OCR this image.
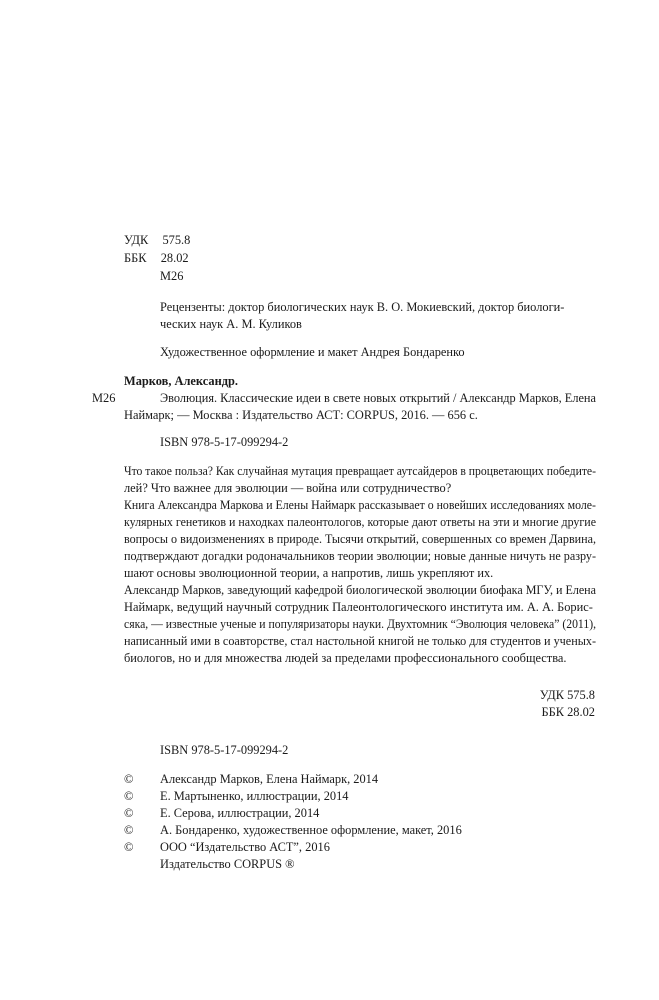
УДК 575.8
ББК 28.02
М26
Рецензенты: доктор биологических наук В. О. Мокиевский, доктор биологи-
ческих наук А. М. Куликов
Художественное оформление и макет Андрея Бондаренко
Марков, Александр.
М26	Эволюция. Классические идеи в свете новых открытий / Александр Марков, Елена
Наймарк; — Москва : Издательство АСТ: CORPUS, 2016. — 656 с.
ISBN 978-5-17-099294-2
Что такое польза? Как случайная мутация превращает аутсайдеров в процветающих победите-
лей? Что важнее для эволюции — война или сотрудничество?
Книга Александра Маркова и Елены Наймарк рассказывает о новейших исследованиях моле-
кулярных генетиков и находках палеонтологов, которые дают ответы на эти и многие другие
вопросы о видоизменениях в природе. Тысячи открытий, совершенных со времен Дарвина,
подтверждают догадки родоначальников теории эволюции; новые данные ничуть не разру-
шают основы эволюционной теории, а напротив, лишь укрепляют их.
Александр Марков, заведующий кафедрой биологической эволюции биофака МГУ, и Елена
Наймарк, ведущий научный сотрудник Палеонтологического института им. А. А. Борис-
сяка, — известные ученые и популяризаторы науки. Двухтомник “Эволюция человека” (2011),
написанный ими в соавторстве, стал настольной книгой не только для студентов и ученых-
биологов, но и для множества людей за пределами профессионального сообщества.
УДК 575.8
ББК 28.02
ISBN 978-5-17-099294-2
© Александр Марков, Елена Наймарк, 2014
© Е. Мартыненко, иллюстрации, 2014
© Е. Серова, иллюстрации, 2014
© А. Бондаренко, художественное оформление, макет, 2016
© ООО “Издательство АСТ”, 2016
Издательство CORPUS ®
